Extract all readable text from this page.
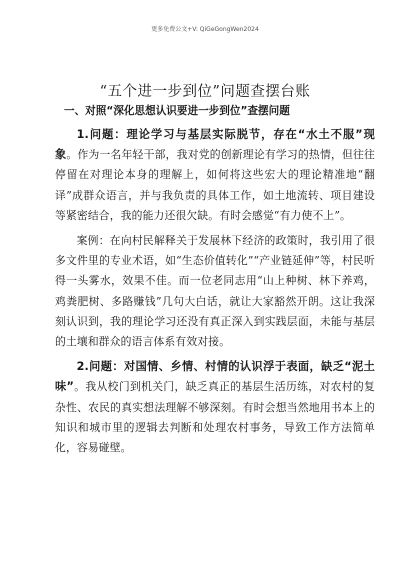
更多免费公文+V: QiGeGongWen2024
“五个进一步到位”问题查摆台账
一、对照“深化思想认识要进一步到位”查摆问题

1.问题：理论学习与基层实际脱节，存在“水土不服”现象。作为一名年轻干部，我对党的创新理论有学习的热情，但往往停留在对理论本身的理解上，如何将这些宏大的理论精准地“翻译”成群众语言，并与我负责的具体工作，如土地流转、项目建设等紧密结合，我的能力还很欠缺。有时会感觉“有力使不上”。

案例：在向村民解释关于发展林下经济的政策时，我引用了很多文件里的专业术语，如“生态价值转化”“产业链延伸”等，村民听得一头雾水，效果不佳。而一位老同志用“山上种树、林下养鸡，鸡粪肥树、多路赚钱”几句大白话，就让大家豁然开朗。这让我深刻认识到，我的理论学习还没有真正深入到实践层面，未能与基层的土壤和群众的语言体系有效对接。

2.问题：对国情、乡情、村情的认识浮于表面，缺乏“泥土味”。我从校门到机关门，缺乏真正的基层生活历练，对农村的复杂性、农民的真实想法理解不够深刻。有时会想当然地用书本上的知识和城市里的逻辑去判断和处理农村事务，导致工作方法简单化，容易碰壁。
